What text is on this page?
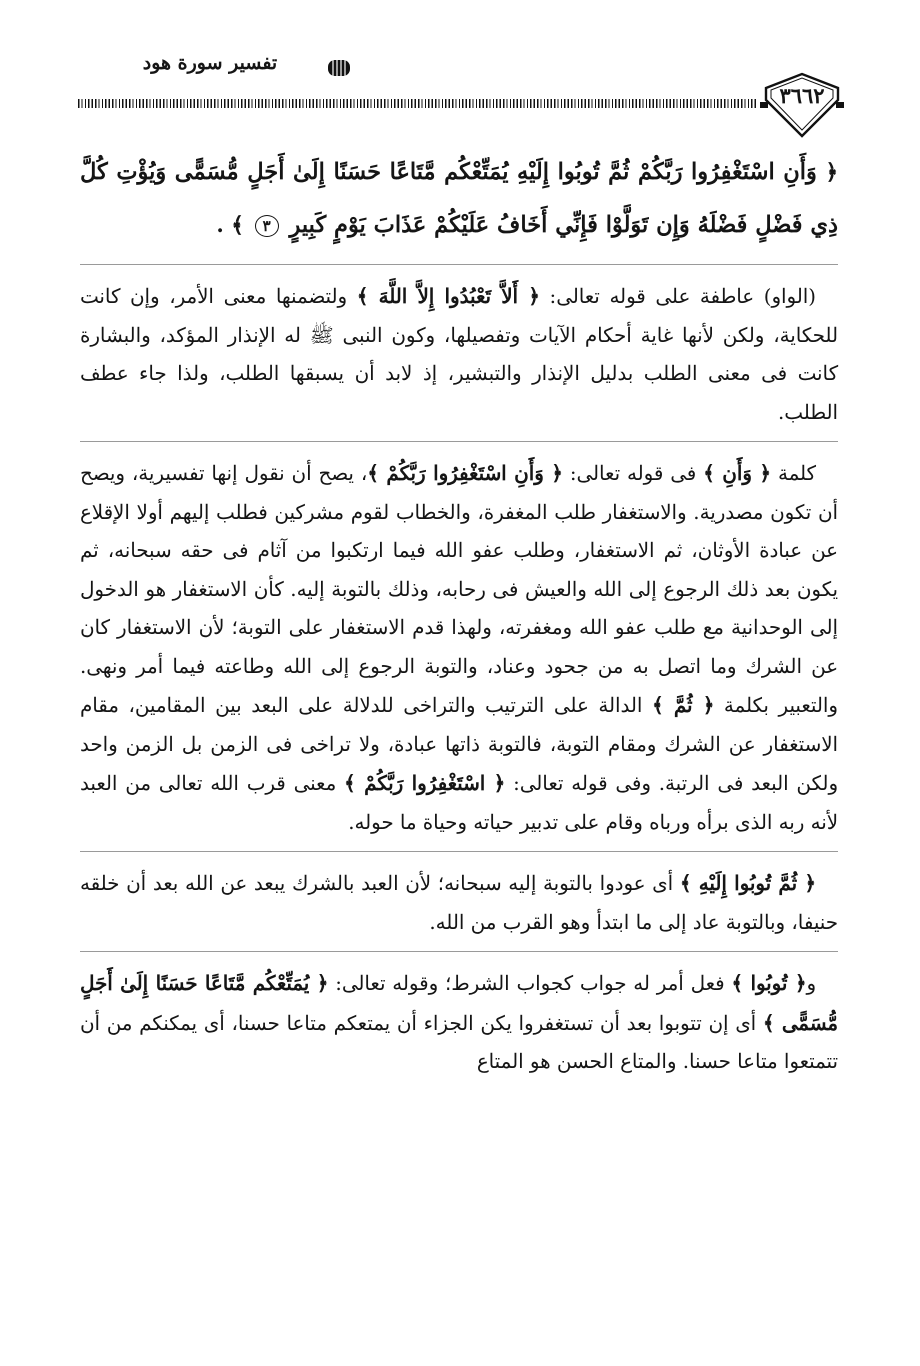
تفسير سورة هود
٣٦٦٢

﴿ وَأَنِ اسْتَغْفِرُوا رَبَّكُمْ ثُمَّ تُوبُوا إِلَيْهِ يُمَتِّعْكُم مَّتَاعًا حَسَنًا إِلَىٰ أَجَلٍ مُّسَمًّى وَيُؤْتِ كُلَّ ذِي فَضْلٍ فَضْلَهُ وَإِن تَوَلَّوْا فَإِنِّي أَخَافُ عَلَيْكُمْ عَذَابَ يَوْمٍ كَبِيرٍ ٣ ﴾ .

(الواو) عاطفة على قوله تعالى: ﴿ أَلاَّ تَعْبُدُوا إِلاَّ اللَّهَ ﴾ ولتضمنها معنى الأمر، وإن كانت للحكاية، ولكن لأنها غاية أحكام الآيات وتفصيلها، وكون النبى ﷺ له الإنذار المؤكد، والبشارة كانت فى معنى الطلب بدليل الإنذار والتبشير، إذ لابد أن يسبقها الطلب، ولذا جاء عطف الطلب.

كلمة ﴿ وَأَنِ ﴾ فى قوله تعالى: ﴿ وَأَنِ اسْتَغْفِرُوا رَبَّكُمْ ﴾، يصح أن نقول إنها تفسيرية، ويصح أن تكون مصدرية. والاستغفار طلب المغفرة، والخطاب لقوم مشركين فطلب إليهم أولا الإقلاع عن عبادة الأوثان، ثم الاستغفار، وطلب عفو الله فيما ارتكبوا من آثام فى حقه سبحانه، ثم يكون بعد ذلك الرجوع إلى الله والعيش فى رحابه، وذلك بالتوبة إليه. كأن الاستغفار هو الدخول إلى الوحدانية مع طلب عفو الله ومغفرته، ولهذا قدم الاستغفار على التوبة؛ لأن الاستغفار كان عن الشرك وما اتصل به من جحود وعناد، والتوبة الرجوع إلى الله وطاعته فيما أمر ونهى. والتعبير بكلمة ﴿ ثُمَّ ﴾ الدالة على الترتيب والتراخى للدلالة على البعد بين المقامين، مقام الاستغفار عن الشرك ومقام التوبة، فالتوبة ذاتها عبادة، ولا تراخى فى الزمن بل الزمن واحد ولكن البعد فى الرتبة. وفى قوله تعالى: ﴿ اسْتَغْفِرُوا رَبَّكُمْ ﴾ معنى قرب الله تعالى من العبد لأنه ربه الذى برأه ورباه وقام على تدبير حياته وحياة ما حوله.

﴿ ثُمَّ تُوبُوا إِلَيْهِ ﴾ أى عودوا بالتوبة إليه سبحانه؛ لأن العبد بالشرك يبعد عن الله بعد أن خلقه حنيفا، وبالتوبة عاد إلى ما ابتدأ وهو القرب من الله.

و﴿ تُوبُوا ﴾ فعل أمر له جواب كجواب الشرط؛ وقوله تعالى: ﴿ يُمَتِّعْكُم مَّتَاعًا حَسَنًا إِلَىٰ أَجَلٍ مُّسَمًّى ﴾ أى إن تتوبوا بعد أن تستغفروا يكن الجزاء أن يمتعكم متاعا حسنا، أى يمكنكم من أن تتمتعوا متاعا حسنا. والمتاع الحسن هو المتاع
